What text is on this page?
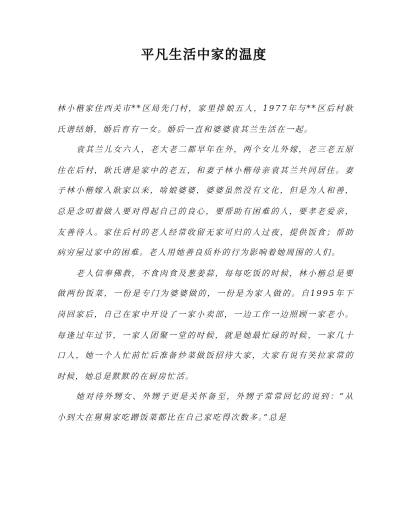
平凡生活中家的温度

林小楷家住西关市**区局先门村，家里排娘五人，1977年与**区后村耿氏谱结婚，婚后育有一女。婚后一直和婆婆袁其兰生活在一起。

袁其兰儿女六人，老大老二都早年在外，两个女儿外嫁，老三老五原住在后村，耿氏谱是家中的老五，和妻子林小楷母亲袁其兰共同居住。妻子林小楷嫁入耿家以来，啥娘婆婆，婆婆虽然没有文化，但是为人和善，总是念叨着做人要对得起自己的良心，要帮助有困难的人，要孝老爱亲，友善待人。家住后村的老人经常收留无家可归的人过夜，提供饭食；帮助病穷屋过家中的困难。老人用她善良质朴的行为影响着她周围的人们。

老人信奉佛教，不食肉食及葱姜蒜，每每吃饭的时候，林小楷总是要做两份饭菜，一份是专门为婆婆做的，一份是为家人做的。自1995年下岗回家后，自己在家中开设了一家小卖部，一边工作一边照顾一家老小。每逢过年过节，一家人团聚一堂的时候，就是她最忙碌的时候，一家几十口人，她一个人忙前忙后准备炒菜做饭招待大家，大家有说有笑拉家常的时候，她总是默默的在厨房忙活。

她对待外甥女、外甥子更是关怀备至，外甥子常常回忆的说到：“从小到大在舅舅家吃蹭饭菜都比在自己家吃得次数多。”总是
